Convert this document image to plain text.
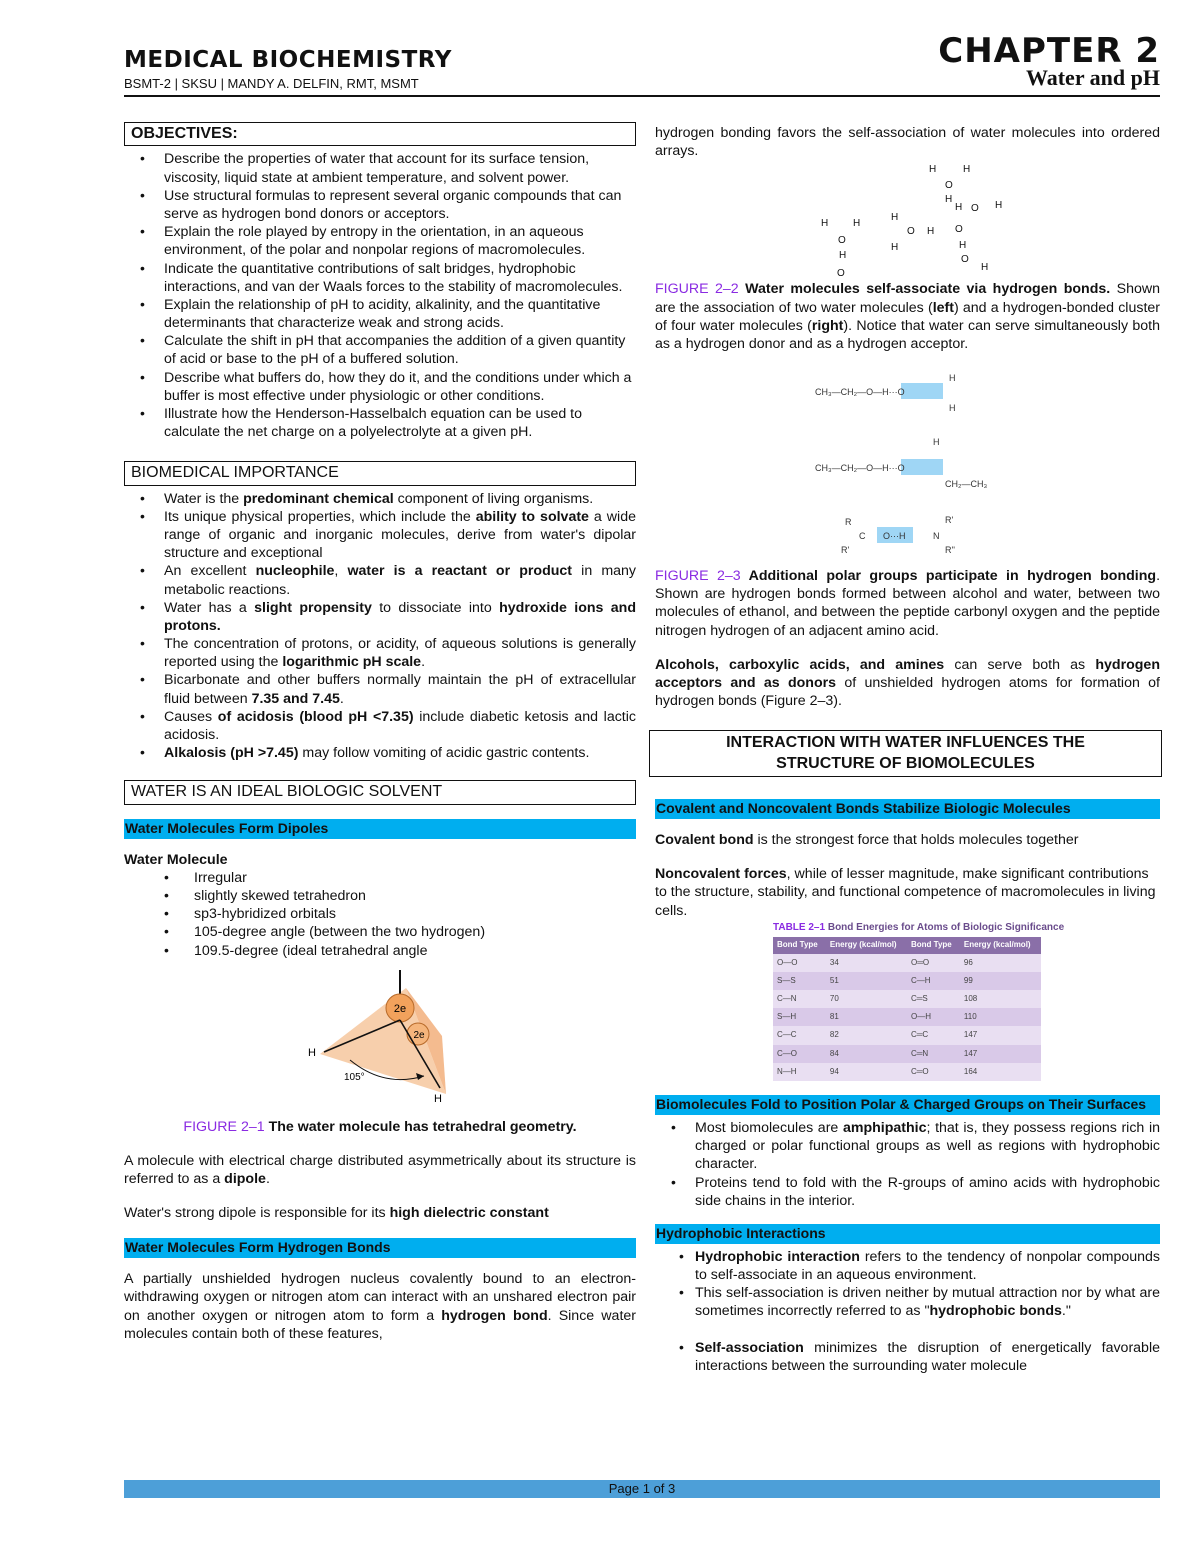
MEDICAL BIOCHEMISTRY
BSMT-2 | SKSU | MANDY A. DELFIN, RMT, MSMT
CHAPTER 2
Water and pH
OBJECTIVES:
• Describe the properties of water that account for its surface tension, viscosity, liquid state at ambient temperature, and solvent power.
• Use structural formulas to represent several organic compounds that can serve as hydrogen bond donors or acceptors.
• Explain the role played by entropy in the orientation, in an aqueous environment, of the polar and nonpolar regions of macromolecules.
• Indicate the quantitative contributions of salt bridges, hydrophobic interactions, and van der Waals forces to the stability of macromolecules.
• Explain the relationship of pH to acidity, alkalinity, and the quantitative determinants that characterize weak and strong acids.
• Calculate the shift in pH that accompanies the addition of a given quantity of acid or base to the pH of a buffered solution.
• Describe what buffers do, how they do it, and the conditions under which a buffer is most effective under physiologic or other conditions.
• Illustrate how the Henderson-Hasselbalch equation can be used to calculate the net charge on a polyelectrolyte at a given pH.
BIOMEDICAL IMPORTANCE
• Water is the predominant chemical component of living organisms.
• Its unique physical properties, which include the ability to solvate a wide range of organic and inorganic molecules, derive from water's dipolar structure and exceptional
• An excellent nucleophile, water is a reactant or product in many metabolic reactions.
• Water has a slight propensity to dissociate into hydroxide ions and protons.
• The concentration of protons, or acidity, of aqueous solutions is generally reported using the logarithmic pH scale.
• Bicarbonate and other buffers normally maintain the pH of extracellular fluid between 7.35 and 7.45.
• Causes of acidosis (blood pH <7.35) include diabetic ketosis and lactic acidosis.
• Alkalosis (pH >7.45) may follow vomiting of acidic gastric contents.
WATER IS AN IDEAL BIOLOGIC SOLVENT
Water Molecules Form Dipoles
Water Molecule
• Irregular
• slightly skewed tetrahedron
• sp3-hybridized orbitals
• 105-degree angle (between the two hydrogen)
• 109.5-degree (ideal tetrahedral angle
2e
2e
H
H
105°
FIGURE 2–1 The water molecule has tetrahedral geometry.

A molecule with electrical charge distributed asymmetrically about its structure is referred to as a dipole.

Water's strong dipole is responsible for its high dielectric constant

Water Molecules Form Hydrogen Bonds

A partially unshielded hydrogen nucleus covalently bound to an electron-withdrawing oxygen or nitrogen atom can interact with an unshared electron pair on another oxygen or nitrogen atom to form a hydrogen bond. Since water molecules contain both of these features,

hydrogen bonding favors the self-association of water molecules into ordered arrays.

H H
O
H
O
H	H
O
H
H O H
H
O H O
H
H
O
H

FIGURE 2–2 Water molecules self-associate via hydrogen bonds. Shown are the association of two water molecules (left) and a hydrogen-bonded cluster of four water molecules (right). Notice that water can serve simultaneously both as a hydrogen donor and as a hydrogen acceptor.

CH₃—CH₂—O—H···O
H
H
H
CH₃—CH₂—O—H···O
CH₂—CH₃
R
C O···H	N
R'
R'	R''

FIGURE 2–3 Additional polar groups participate in hydrogen bonding. Shown are hydrogen bonds formed between alcohol and water, between two molecules of ethanol, and between the peptide carbonyl oxygen and the peptide nitrogen hydrogen of an adjacent amino acid.

Alcohols, carboxylic acids, and amines can serve both as hydrogen acceptors and as donors of unshielded hydrogen atoms for formation of hydrogen bonds (Figure 2–3).

INTERACTION WITH WATER INFLUENCES THE
STRUCTURE OF BIOMOLECULES
Covalent and Noncovalent Bonds Stabilize Biologic Molecules

Covalent bond is the strongest force that holds molecules together

Noncovalent forces, while of lesser magnitude, make significant contributions to the structure, stability, and functional competence of macromolecules in living cells.

TABLE 2–1 Bond Energies for Atoms of Biologic Significance
Bond Type	Energy (kcal/mol)	Bond Type	Energy (kcal/mol)
O—O	34	O═O	96
S—S	51	C—H	99
C—N	70	C═S	108
S—H	81	O—H	110
C—C	82	C═C	147
C—O	84	C═N	147
N—H	94	C═O	164
Biomolecules Fold to Position Polar & Charged Groups on Their Surfaces
• Most biomolecules are amphipathic; that is, they possess regions rich in charged or polar functional groups as well as regions with hydrophobic character.
• Proteins tend to fold with the R-groups of amino acids with hydrophobic side chains in the interior.
Hydrophobic Interactions
• Hydrophobic interaction refers to the tendency of nonpolar compounds to self-associate in an aqueous environment.
• This self-association is driven neither by mutual attraction nor by what are sometimes incorrectly referred to as "hydrophobic bonds."
• Self-association minimizes the disruption of energetically favorable interactions between the surrounding water molecule
Page 1 of 3
